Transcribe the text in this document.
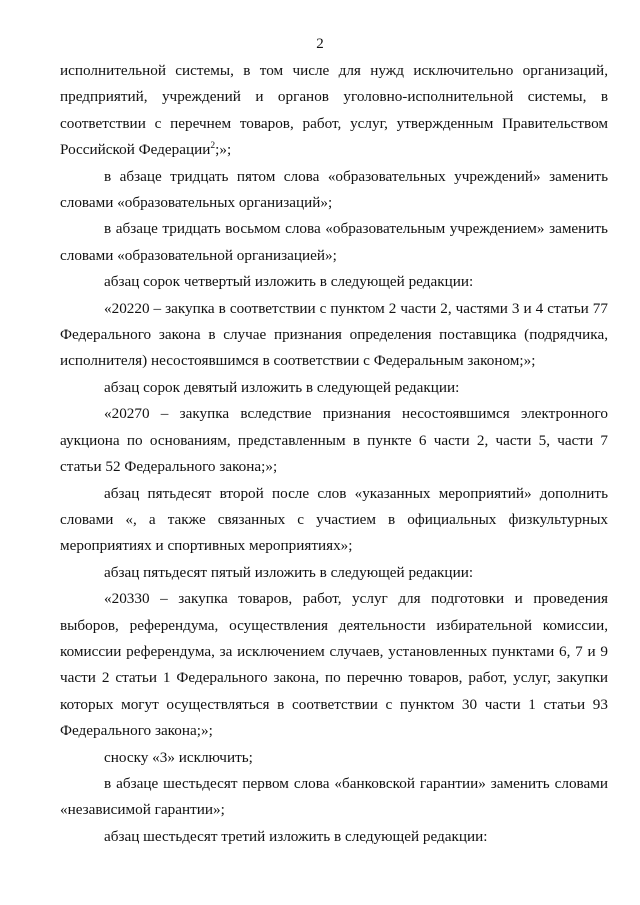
2

исполнительной системы, в том числе для нужд исключительно организаций, предприятий, учреждений и органов уголовно-исполнительной системы, в соответствии с перечнем товаров, работ, услуг, утвержденным Правительством Российской Федерации$^2$;»;

в абзаце тридцать пятом слова «образовательных учреждений» заменить словами «образовательных организаций»;

в абзаце тридцать восьмом слова «образовательным учреждением» заменить словами «образовательной организацией»;

абзац сорок четвертый изложить в следующей редакции:

«20220 – закупка в соответствии с пунктом 2 части 2, частями 3 и 4 статьи 77 Федерального закона в случае признания определения поставщика (подрядчика, исполнителя) несостоявшимся в соответствии с Федеральным законом;»;

абзац сорок девятый изложить в следующей редакции:

«20270 – закупка вследствие признания несостоявшимся электронного аукциона по основаниям, представленным в пункте 6 части 2, части 5, части 7 статьи 52 Федерального закона;»;

абзац пятьдесят второй после слов «указанных мероприятий» дополнить словами «, а также связанных с участием в официальных физкультурных мероприятиях и спортивных мероприятиях»;

абзац пятьдесят пятый изложить в следующей редакции:

«20330 – закупка товаров, работ, услуг для подготовки и проведения выборов, референдума, осуществления деятельности избирательной комиссии, комиссии референдума, за исключением случаев, установленных пунктами 6, 7 и 9 части 2 статьи 1 Федерального закона, по перечню товаров, работ, услуг, закупки которых могут осуществляться в соответствии с пунктом 30 части 1 статьи 93 Федерального закона;»;

сноску «3» исключить;

в абзаце шестьдесят первом слова «банковской гарантии» заменить словами «независимой гарантии»;

абзац шестьдесят третий изложить в следующей редакции:
